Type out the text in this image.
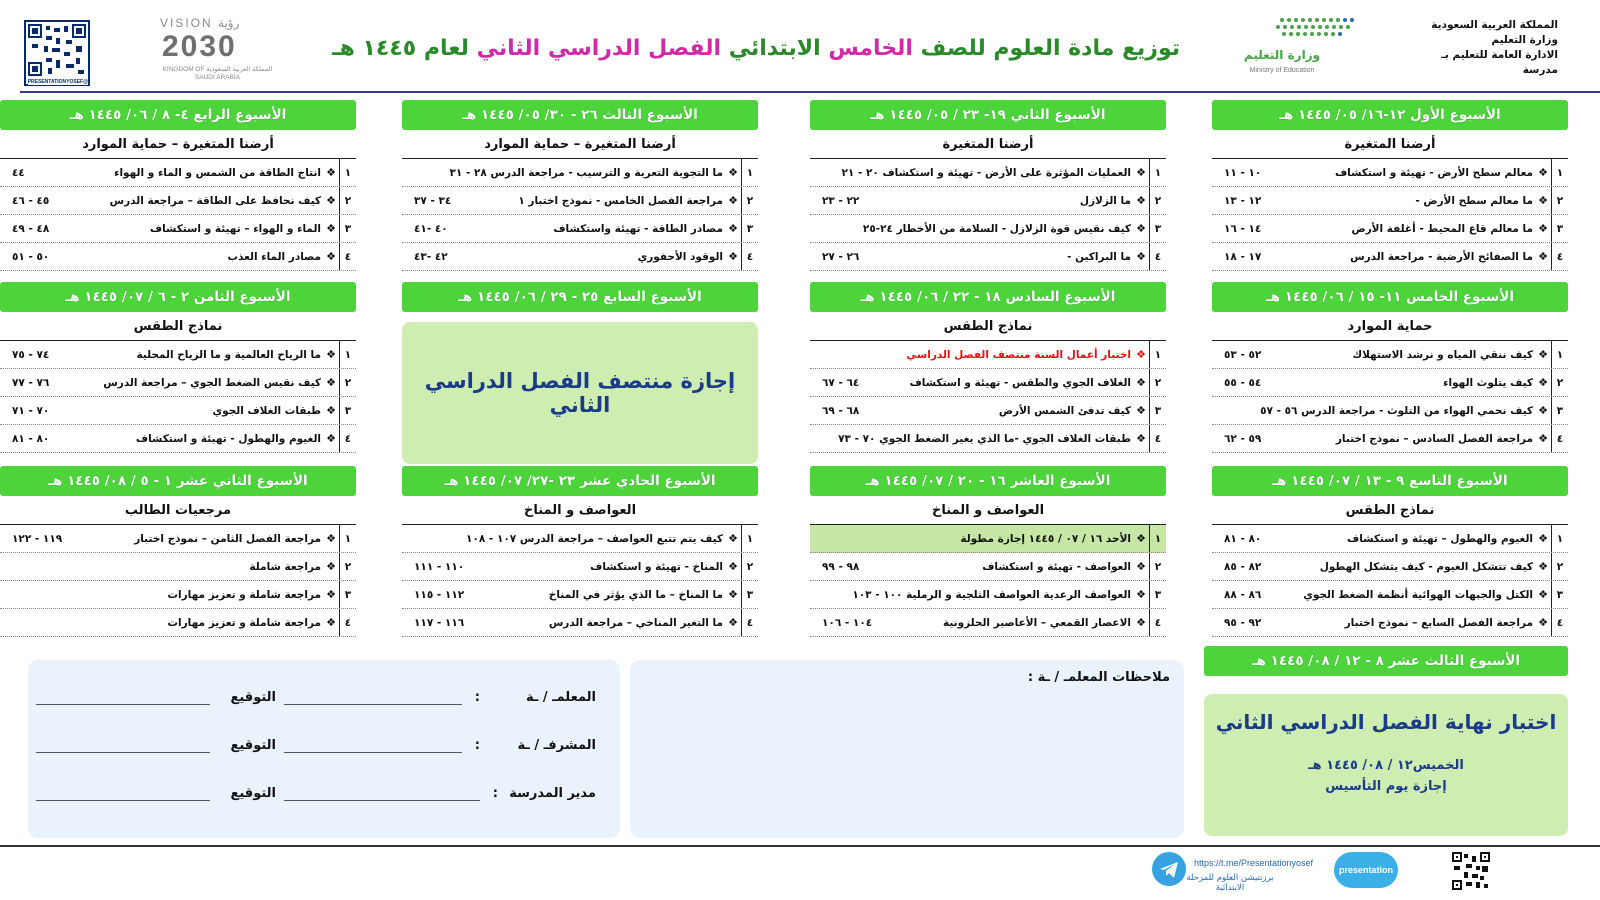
المملكة العربية السعودية
وزارة التعليم
الادارة العامة للتعليم بـ
مدرسة
وزارة التعليم
Ministry of Education
توزيع مادة العلوم للصف الخامس الابتدائي الفصل الدراسي الثاني لعام ١٤٤٥ هـ
VISION رؤية
2030
المملكة العربية السعودية KINGDOM OF SAUDI ARABIA
@PRESENTATIONYOSEF
الأسبوع الأول ١٢-١٦/ ٠٥/ ١٤٤٥ هـ
أرضنا المتغيرة
١
❖
معالم سطح الأرض - تهيئة و استكشاف
١٠ - ١١
٢
❖
ما معالم سطح الأرض -
١٢ - ١٣
٣
❖
ما معالم قاع المحيط - أغلفة الأرض
١٤ - ١٦
٤
❖
ما الصفائح الأرضية - مراجعة الدرس
١٧ - ١٨
الأسبوع الثاني ١٩- ٢٣ / ٠٥/ ١٤٤٥ هـ
أرضنا المتغيرة
١
❖
العمليات المؤثرة على الأرض - تهيئة و استكشاف ٢٠ - ٢١
٢
❖
ما الزلازل
٢٢ - ٢٣
٣
❖
كيف نقيس قوة الزلازل - السلامة من الأخطار ٢٤-٢٥
٤
❖
ما البراكين -
٢٦ - ٢٧
الأسبوع الثالث ٢٦ - ٣٠/ ٠٥/ ١٤٤٥ هـ
أرضنا المتغيرة – حماية الموارد
١
❖
ما التجوية التعرية و الترسيب - مراجعة الدرس ٢٨ - ٣١
٢
❖
مراجعة الفصل الخامس - نموذج اختبار ١
٣٤ - ٣٧
٣
❖
مصادر الطاقة - تهيئة واستكشاف
٤٠ -٤١
٤
❖
الوقود الأحفوري
٤٢ -٤٣
الأسبوع الرابع ٤- ٨ / ٠٦/ ١٤٤٥ هـ
أرضنا المتغيرة – حماية الموارد
١
❖
انتاج الطاقة من الشمس و الماء و الهواء
٤٤
٢
❖
كيف نحافظ على الطاقة – مراجعة الدرس
٤٥ - ٤٦
٣
❖
الماء و الهواء – تهيئة و استكشاف
٤٨ - ٤٩
٤
❖
مصادر الماء العذب
٥٠ - ٥١
الأسبوع الخامس ١١- ١٥ / ٠٦/ ١٤٤٥ هـ
حماية الموارد
١
❖
كيف ننقي المياه و نرشد الاستهلاك
٥٢ - ٥٣
٢
❖
كيف يتلوث الهواء
٥٤ - ٥٥
٣
❖
كيف نحمي الهواء من التلوث - مراجعة الدرس ٥٦ - ٥٧
٤
❖
مراجعة الفصل السادس – نموذج اختبار
٥٩ - ٦٢
الأسبوع السادس ١٨ - ٢٢ / ٠٦/ ١٤٤٥ هـ
نماذج الطقس
١
❖
اختبار أعمال السنة منتصف الفصل الدراسي
٢
❖
الغلاف الجوي والطقس - تهيئة و استكشاف
٦٤ - ٦٧
٣
❖
كيف تدفئ الشمس الأرض
٦٨ - ٦٩
٤
❖
طبقات الغلاف الجوي -ما الذي يغير الضغط الجوي ٧٠ - ٧٣
الأسبوع السابع ٢٥ - ٢٩ / ٠٦/ ١٤٤٥ هـ
الأسبوع الثامن ٢ - ٦ / ٠٧/ ١٤٤٥ هـ
نماذج الطقس
١
❖
ما الرياح العالمية و ما الرياح المحلية
٧٤ - ٧٥
٢
❖
كيف نقيس الضغط الجوي – مراجعة الدرس
٧٦ - ٧٧
٣
❖
طبقات الغلاف الجوي
٧٠ - ٧١
٤
❖
الغيوم والهطول - تهيئة و استكشاف
٨٠ - ٨١
الأسبوع التاسع ٩ - ١٣ / ٠٧/ ١٤٤٥ هـ
نماذج الطقس
١
❖
الغيوم والهطول – تهيئة و استكشاف
٨٠ - ٨١
٢
❖
كيف تتشكل الغيوم - كيف يتشكل الهطول
٨٢ - ٨٥
٣
❖
الكتل والجبهات الهوائية أنظمة الضغط الجوي
٨٦ - ٨٨
٤
❖
مراجعة الفصل السابع – نموذج اختبار
٩٢ - ٩٥
الأسبوع العاشر ١٦ - ٢٠ / ٠٧/ ١٤٤٥ هـ
العواصف و المناخ
١
❖
الأحد ١٦ / ٠٧ / ١٤٤٥ إجازة مطولة
٢
❖
العواصف - تهيئة و استكشاف
٩٨ - ٩٩
٣
❖
العواصف الرعدية العواصف الثلجية و الرملية ١٠٠ - ١٠٣
٤
❖
الاعصار القمعي – الأعاصير الحلزونية
١٠٤ - ١٠٦
الأسبوع الحادي عشر ٢٣ -٢٧/ ٠٧/ ١٤٤٥ هـ
العواصف و المناخ
١
❖
كيف يتم تتبع العواصف – مراجعة الدرس ١٠٧ - ١٠٨
٢
❖
المناخ - تهيئة و استكشاف
١١٠ - ١١١
٣
❖
ما المناخ – ما الذي يؤثر في المناخ
١١٢ - ١١٥
٤
❖
ما التغير المناخي – مراجعة الدرس
١١٦ - ١١٧
الأسبوع الثاني عشر ١ - ٥ / ٠٨/ ١٤٤٥ هـ
مرجعيات الطالب
١
❖
مراجعة الفصل الثامن – نموذج اختبار
١١٩ - ١٢٢
٢
❖
مراجعة شاملة
٣
❖
مراجعة شاملة و تعزيز مهارات
٤
❖
مراجعة شاملة و تعزيز مهارات
الأسبوع الثالث عشر ٨ - ١٢ / ٠٨/ ١٤٤٥ هـ
إجازة منتصف الفصل الدراسي الثاني
اختبار نهاية الفصل الدراسي الثاني
الخميس١٢ / ٠٨/ ١٤٤٥ هـ
إجازة يوم التأسيس
ملاحظات المعلمـ / ـة :
المعلمـ / ـة
:
التوقيع
المشرفـ / ـة
:
التوقيع
مدير المدرسة
:
التوقيع
https://t.me/Presentationyosef
برزنتيشن العلوم للمرحلة الابتدائية
presentation
